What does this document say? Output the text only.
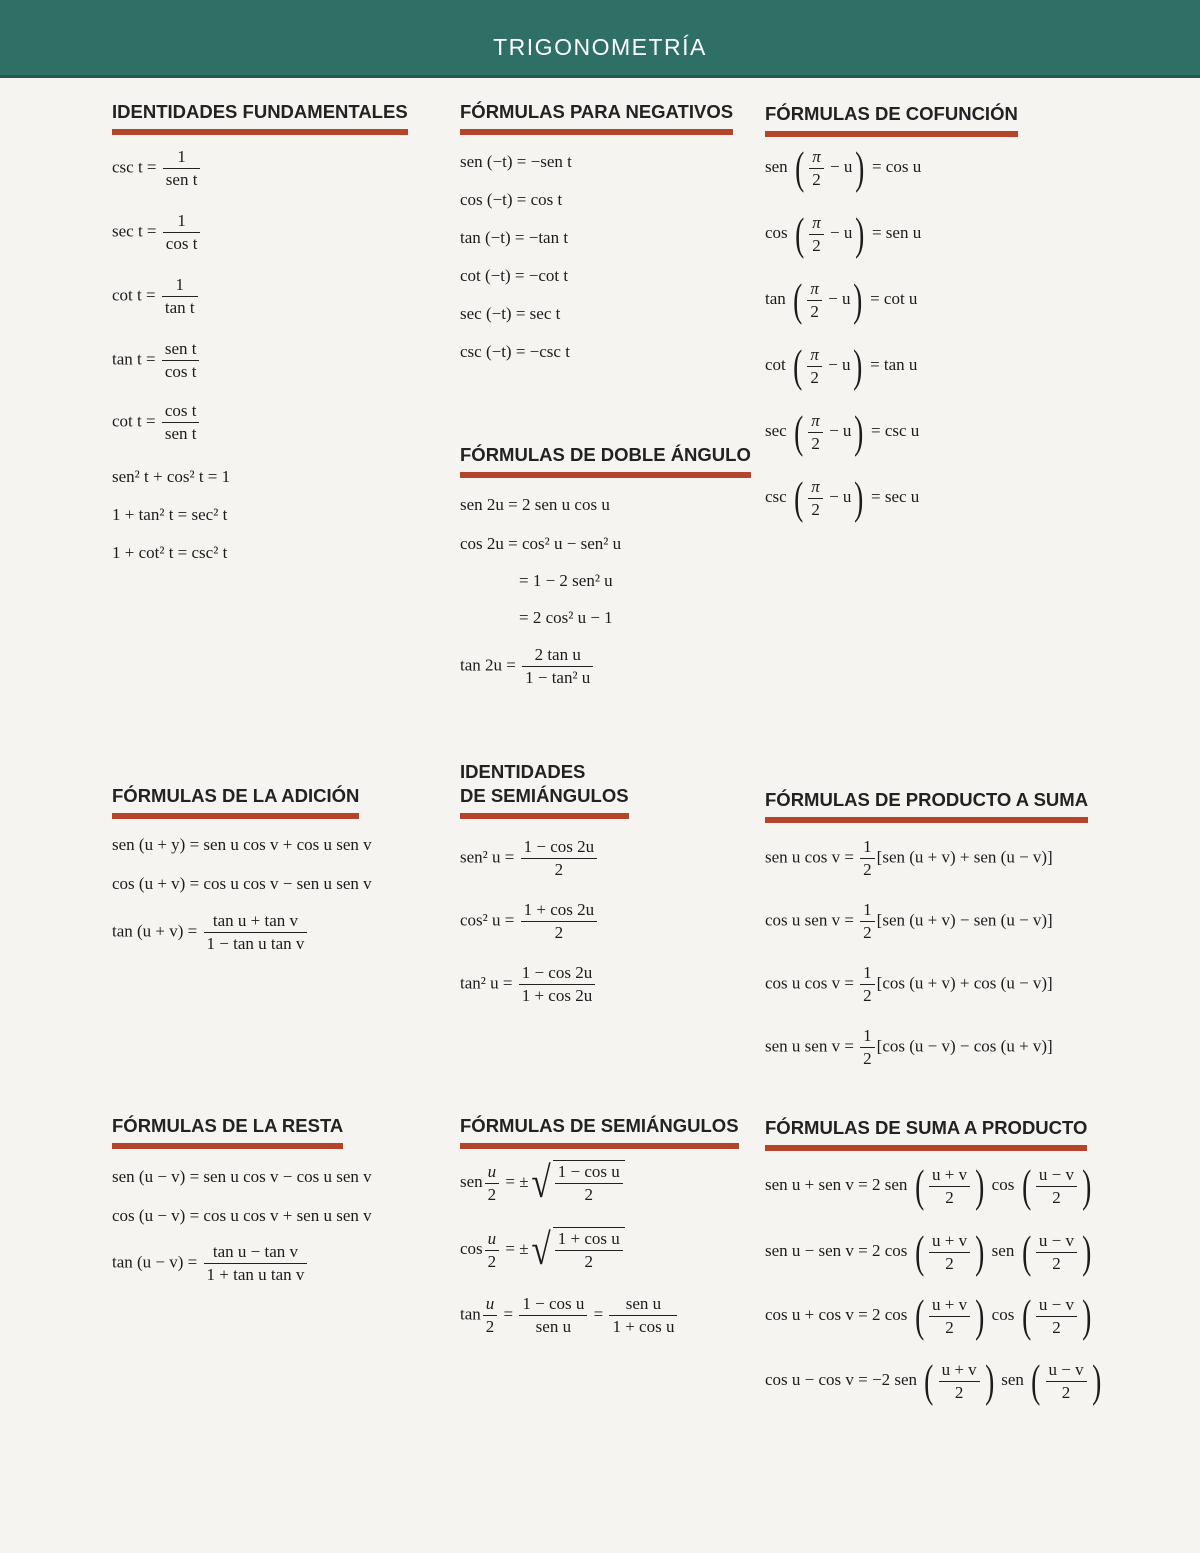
TRIGONOMETRÍA
IDENTIDADES FUNDAMENTALES
$\csc t = \frac{1}{\text{sen t}}$
$\sec t = \frac{1}{\text{cos t}}$
$\cot t = \frac{1}{\text{tan t}}$
$\tan t = \frac{\text{sen t}}{\text{cos t}}$
$\cot t = \frac{\text{cos t}}{\text{sen t}}$
sen² t + cos² t = 1
1 + tan² t = sec² t
1 + cot² t = csc² t
FÓRMULAS PARA NEGATIVOS
sen (−t) = −sen t
cos (−t) = cos t
tan (−t) = −tan t
cot (−t) = −cot t
sec (−t) = sec t
csc (−t) = −csc t
FÓRMULAS DE COFUNCIÓN
sen ( $\frac{\pi}{2} - u) = \cos u$
cos ( $\frac{\pi}{2} - u$) = sen u
tan ( $\frac{\pi}{2} - u) = \cot u$
cot ( $\frac{\pi}{2} - u) = \tan u$
sec ( $\frac{\pi}{2} - u) = \csc u$
csc ( $\frac{\pi}{2} - u) = \sec u$
FÓRMULAS DE DOBLE ÁNGULO
sen 2u = 2 sen u cos u
cos 2u = cos² u − sen² u
= 1 − 2 sen² u
= 2 cos² u − 1
$\tan 2u = \frac{\text{2 tan u}}{\text{1 − tan² u}}$
FÓRMULAS DE LA ADICIÓN
sen (u + y) = sen u cos v + cos u sen v
cos (u + v) = cos u cos v − sen u sen v
$\tan (u + v) = \frac{\text{tan u + tan v}}{\text{1 − tan u tan v}}$
IDENTIDADES
DE SEMIÁNGULOS
sen² $u = \frac{1 - \cos 2u}{2}$
cos² $u = \frac{1 + \cos 2u}{2}$
tan² $u = \frac{1 - \cos 2u}{1 + \cos 2u}$
FÓRMULAS DE PRODUCTO A SUMA
sen u $\cos v = \frac{1}{2} [sen$ (u + v) + sen (u − v)]
cos u sen $v = \frac{1}{2} [sen$ (u + v) − sen (u − v)]
cos u $\cos v = \frac{1}{2} [\cos$ (u + v) + cos (u − v)]
sen u sen $v = \frac{1}{2} [\cos$ (u − v) − cos (u + v)]
FÓRMULAS DE LA RESTA
sen (u − v) = sen u cos v − cos u sen v
cos (u − v) = cos u cos v + sen u sen v
$\tan (u - v) = \frac{\text{tan u − tan v}}{\text{1 + tan u tan v}}$
FÓRMULAS DE SEMIÁNGULOS
sen $\frac{u}{2}$ = ±√ $\frac{\text{1 − cos u}}{2}$
$\cos \frac{u}{2}$ = ±√ $\frac{\text{1 + cos u}}{2}$
$\tan \frac{u}{2} = \frac{\text{1 − cos u}}{\text{sen u}} = \frac{\text{sen u}}{\text{1 + cos u}}$
FÓRMULAS DE SUMA A PRODUCTO
sen u + sen v = 2 sen ( $\frac{u + v}{2}$ ) cos ( $\frac{u - v}{2}$ )
sen u − sen v = 2 cos ( $\frac{u + v}{2}$ ) sen ( $\frac{u - v}{2}$ )
cos u + cos v = 2 cos ( $\frac{u + v}{2}$ ) cos ( $\frac{u - v}{2}$ )
cos u − cos v = −2 sen ( $\frac{u + v}{2}$ ) sen ( $\frac{u - v}{2}$ )
